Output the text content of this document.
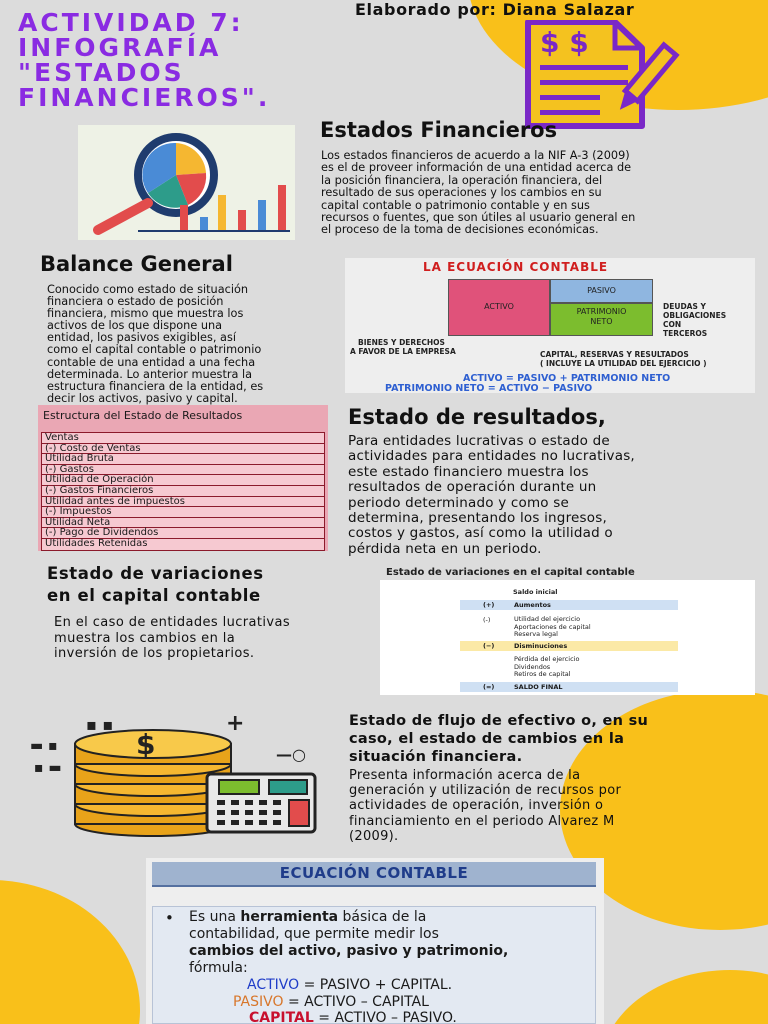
ACTIVIDAD 7:
INFOGRAFÍA
"ESTADOS
FINANCIEROS".
Elaborado por: Diana Salazar
$ $
Estados Financieros
Los estados financieros de acuerdo a la NIF A-3 (2009)
es el de proveer información de una entidad acerca de
la posición financiera, la operación financiera, del
resultado de sus operaciones y los cambios en su
capital contable o patrimonio contable y en sus
recursos o fuentes, que son útiles al usuario general en
el proceso de la toma de decisiones económicas.
Balance General
Conocido como estado de situación
financiera o estado de posición
financiera, mismo que muestra los
activos de los que dispone una
entidad, los pasivos exigibles, así
como el capital contable o patrimonio
contable de una entidad a una fecha
determinada. Lo anterior muestra la
estructura financiera de la entidad, es
decir los activos, pasivo y capital.
LA ECUACIÓN CONTABLE
ACTIVO
PASIVO
PATRIMONIO
NETO
DEUDAS Y
OBLIGACIONES
CON
TERCEROS
BIENES Y DERECHOS
A FAVOR DE LA EMPRESA	CAPITAL, RESERVAS Y RESULTADOS
( INCLUYE LA UTILIDAD DEL EJERCICIO )
ACTIVO = PASIVO + PATRIMONIO NETO
PATRIMONIO NETO = ACTIVO − PASIVO
Estructura del Estado de Resultados
Ventas
(-) Costo de Ventas
Utilidad Bruta
(-) Gastos
Utilidad de Operación
(-) Gastos Financieros
Utilidad antes de impuestos
(-) Impuestos
Utilidad Neta
(-) Pago de Dividendos
Utilidades Retenidas
Estado de resultados,
Para entidades lucrativas o estado de
actividades para entidades no lucrativas,
este estado financiero muestra los
resultados de operación durante un
periodo determinado y como se
determina, presentando los ingresos,
costos y gastos, así como la utilidad o
pérdida neta en un periodo.
Estado de variaciones
en el capital contable
En el caso de entidades lucrativas
muestra los cambios en la
inversión de los propietarios.
Estado de variaciones en el capital contable
Saldo inicial
(+)	Aumentos
(-)	Utilidad del ejercicio
Aportaciones de capital
Reserva legal
(−)	Disminuciones
Pérdida del ejercicio
Dividendos
Retiros de capital
(=)	SALDO FINAL
▪ ▪	+
▬ ▪
▪ ▬
—○
$
Estado de flujo de efectivo o, en su
caso, el estado de cambios en la
situación financiera.
Presenta información acerca de la
generación y utilización de recursos por
actividades de operación, inversión o
financiamiento en el periodo Alvarez M
(2009).
ECUACIÓN CONTABLE
• Es una herramienta básica de la
contabilidad, que permite medir los
cambios del activo, pasivo y patrimonio,
fórmula:
ACTIVO = PASIVO + CAPITAL.
PASIVO = ACTIVO – CAPITAL
CAPITAL = ACTIVO – PASIVO.
